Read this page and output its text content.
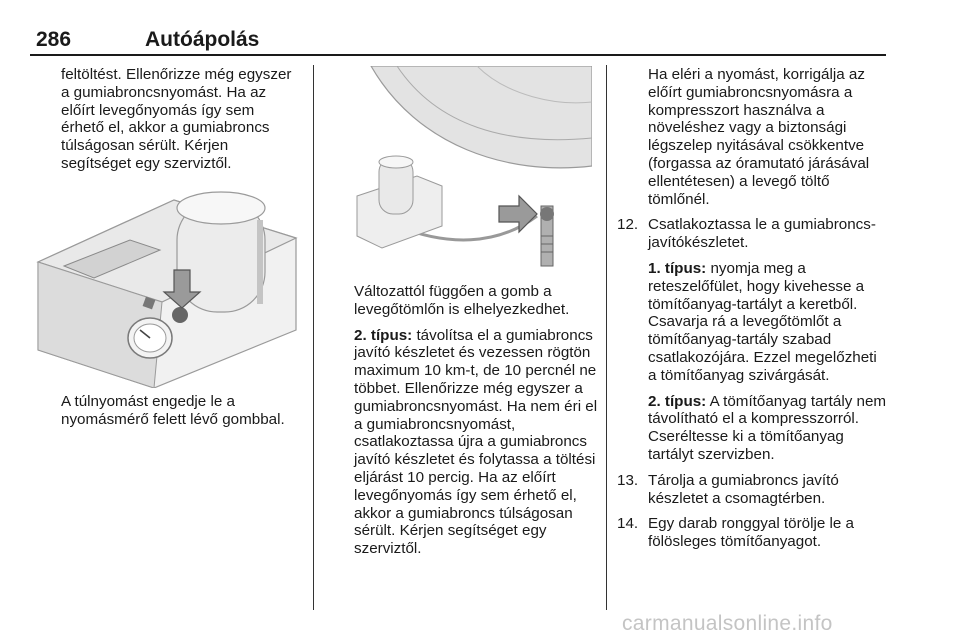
286	Autóápolás

feltöltést. Ellenőrizze még egyszer a gumiabroncsnyomást. Ha az előírt levegőnyomás így sem érhető el, akkor a gumiabroncs túlságosan sérült. Kérjen segítséget egy szerviztől.

A túlnyomást engedje le a nyomásmérő felett lévő gombbal.

Változattól függően a gomb a levegőtömlőn is elhelyezkedhet.

2. típus: távolítsa el a gumiabroncs javító készletet és vezessen rögtön maximum 10 km-t, de 10 percnél ne többet. Ellenőrizze még egyszer a gumiabroncsnyomást. Ha nem éri el a gumiabroncsnyomást, csatlakoztassa újra a gumiabroncs javító készletet és folytassa a töltési eljárást 10 percig. Ha az előírt levegőnyomás így sem érhető el, akkor a gumiabroncs túlságosan sérült. Kérjen segítséget egy szerviztől.

Ha eléri a nyomást, korrigálja az előírt gumiabroncsnyomásra a kompresszort használva a növeléshez vagy a biztonsági légszelep nyitásával csökkentve (forgassa az óramutató járásával ellentétesen) a levegő töltő tömlőnél.

12. Csatlakoztassa le a gumiabroncs-javítókészletet.
1. típus: nyomja meg a reteszelőfület, hogy kivehesse a tömítőanyag-tartályt a keretből. Csavarja rá a levegőtömlőt a tömítőanyag-tartály szabad csatlakozójára. Ezzel megelőzheti a tömítőanyag szivárgását.
2. típus: A tömítőanyag tartály nem távolítható el a kompresszorról. Cseréltesse ki a tömítőanyag tartályt szervizben.
13. Tárolja a gumiabroncs javító készletet a csomagtérben.
14. Egy darab ronggyal törölje le a fölösleges tömítőanyagot.
carmanualsonline.info
